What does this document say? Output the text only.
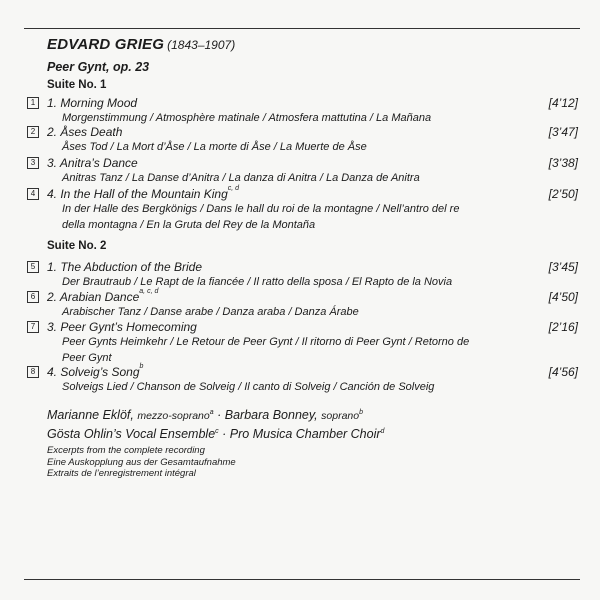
EDVARD GRIEG (1843–1907)
Peer Gynt, op. 23
Suite No. 1
1 1. Morning Mood	[4’12]
Morgenstimmung / Atmosphère matinale / Atmosfera mattutina / La Mañana
2 2. Åses Death	[3’47]
Åses Tod / La Mort d’Åse / La morte di Åse / La Muerte de Åse
3 3. Anitra’s Dance	[3’38]
Anitras Tanz / La Danse d’Anitra / La danza di Anitra / La Danza de Anitra
4 4. In the Hall of the Mountain King$^{c, d}$	[2’50]
In der Halle des Bergkönigs / Dans le hall du roi de la montagne / Nell’antro del re della montagna / En la Gruta del Rey de la Montaña
Suite No. 2
5 1. The Abduction of the Bride	[3’45]
Der Brautraub / Le Rapt de la fiancée / Il ratto della sposa / El Rapto de la Novia
6 2. Arabian Dance$^{a, c, d}$	[4’50]
Arabischer Tanz / Danse arabe / Danza araba / Danza Árabe
7 3. Peer Gynt’s Homecoming	[2’16]
Peer Gynts Heimkehr / Le Retour de Peer Gynt / Il ritorno di Peer Gynt / Retorno de Peer Gynt
8 4. Solveig’s Song$^b$	[4’56]
Solveigs Lied / Chanson de Solveig / Il canto di Solveig / Canción de Solveig
Marianne Eklöf, mezzo-soprano$^a$ · Barbara Bonney, soprano$^b$
Gösta Ohlin’s Vocal Ensemble$^c$ · Pro Musica Chamber Choir$^d$
Excerpts from the complete recording
Eine Auskopplung aus der Gesamtaufnahme
Extraits de l’enregistrement intégral
